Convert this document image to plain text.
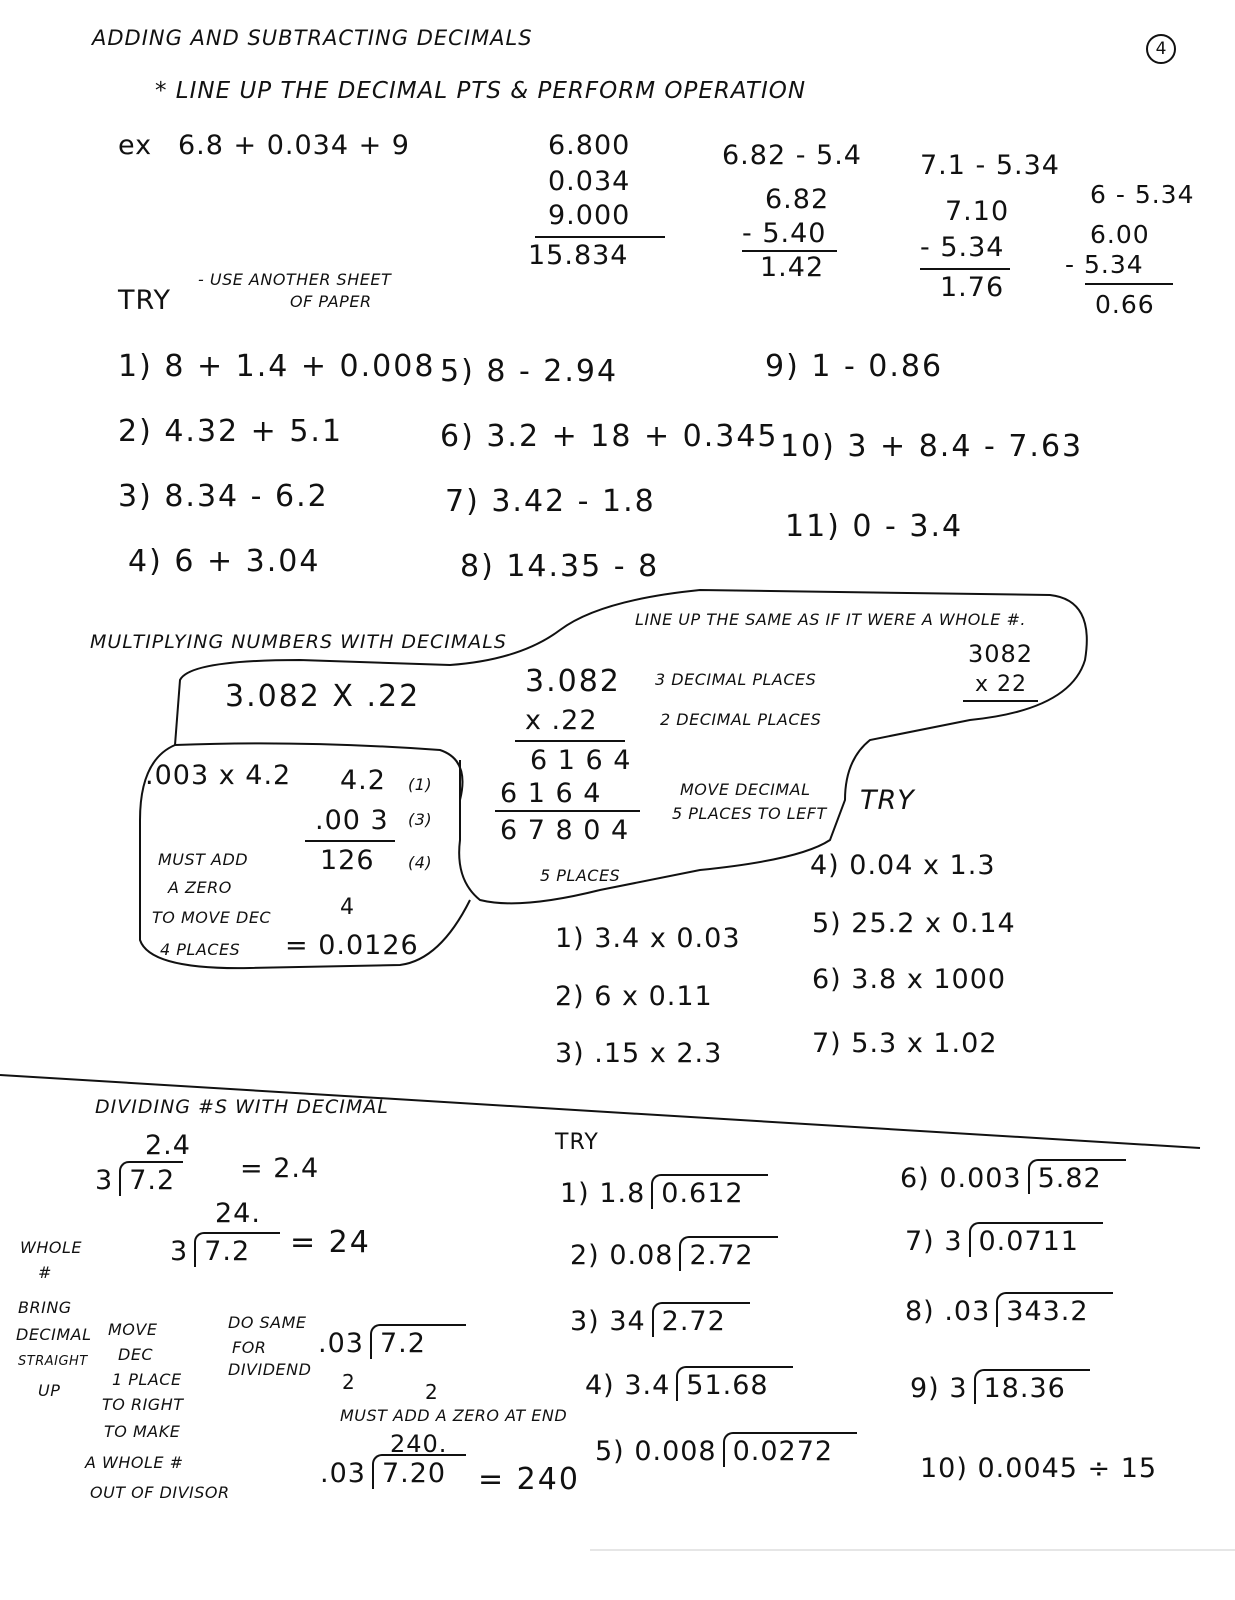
ADDING AND SUBTRACTING DECIMALS	4
* LINE UP THE DECIMAL PTS & PERFORM OPERATION
ex 6.8 + 0.034 + 9	6.800
0.034
9.000
15.834
6.82 - 5.4
6.82
- 5.40
1.42
7.1 - 5.34
7.10
- 5.34
1.76
6 - 5.34
6.00
- 5.34
0.66
TRY
- USE ANOTHER SHEET
OF PAPER
1) 8 + 1.4 + 0.008
2) 4.32 + 5.1
3) 8.34 - 6.2
4) 6 + 3.04
5) 8 - 2.94
6) 3.2 + 18 + 0.345
7) 3.42 - 1.8
8) 14.35 - 8
9) 1 - 0.86
10) 3 + 8.4 - 7.63
11) 0 - 3.4
MULTIPLYING NUMBERS WITH DECIMALS
LINE UP THE SAME AS IF IT WERE A WHOLE #.
3082
x 22
3.082 X .22	3.082 3 DECIMAL PLACES
x .22	2 DECIMAL PLACES
6 1 6 4
6 1 6 4
6 7 8 0 4
5 PLACES
MOVE DECIMAL
5 PLACES TO LEFT
.003 x 4.2 4.2 (1)
.00 3 (3)
126 (4)
4
= 0.0126
MUST ADD
A ZERO
TO MOVE DEC
4 PLACES
TRY
1) 3.4 x 0.03
2) 6 x 0.11
3) .15 x 2.3
4) 0.04 x 1.3
5) 25.2 x 0.14
6) 3.8 x 1000
7) 5.3 x 1.02
DIVIDING #S WITH DECIMAL
2.4
3 7.2 = 2.4
24.
3 7.2	= 24
WHOLE
#
BRING
DECIMAL
STRAIGHT
UP
MOVE
DEC
1 PLACE
TO RIGHT
TO MAKE
A WHOLE #
OUT OF DIVISOR
DO SAME
FOR
DIVIDEND
.03 7.2
2	2
MUST ADD A ZERO AT END
240.
.03 7.20	= 240
TRY
1) 1.8 0.612
2) 0.08 2.72
3) 34 2.72
4) 3.4 51.68
5) 0.008 0.0272
6) 0.003 5.82
7) 3 0.0711
8) .03 343.2
9) 3 18.36
10) 0.0045 ÷ 15
